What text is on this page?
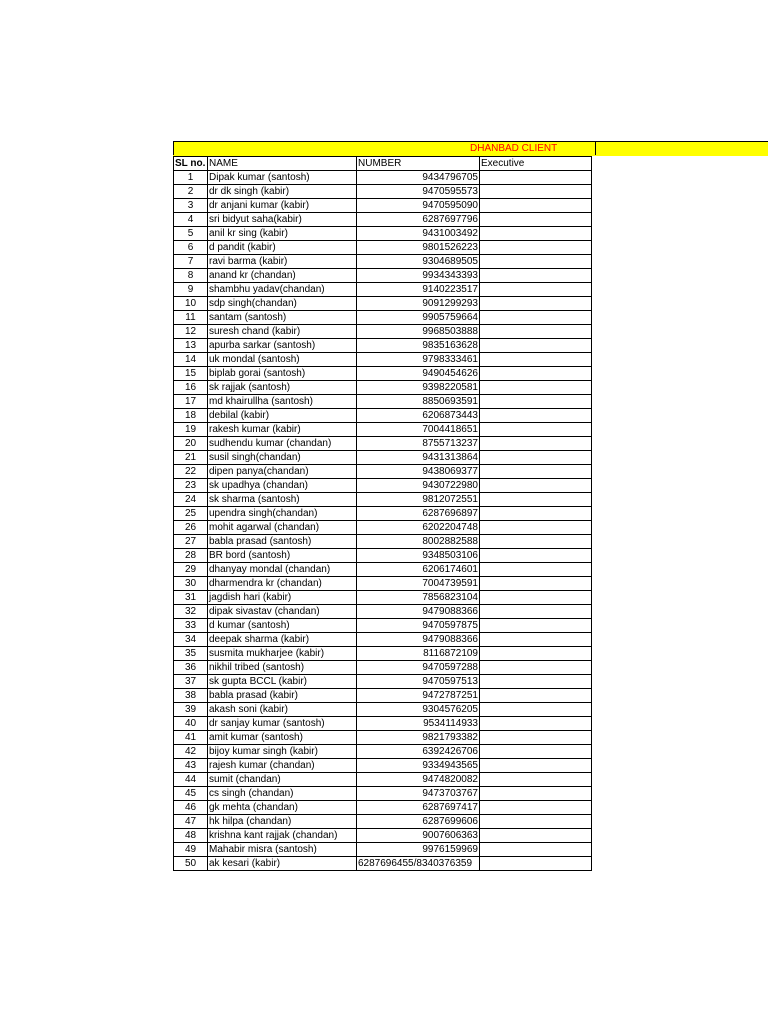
DHANBAD CLIENT
SL no.	NAME	NUMBER	Executive
1	Dipak kumar (santosh)	9434796705	
2	dr dk singh (kabir)	9470595573	
3	dr anjani kumar (kabir)	9470595090	
4	sri bidyut saha(kabir)	6287697796	
5	anil kr sing (kabir)	9431003492	
6	d pandit (kabir)	9801526223	
7	ravi barma (kabir)	9304689505	
8	anand kr (chandan)	9934343393	
9	shambhu yadav(chandan)	9140223517	
10	sdp singh(chandan)	9091299293	
11	santam (santosh)	9905759664	
12	suresh chand (kabir)	9968503888	
13	apurba sarkar (santosh)	9835163628	
14	uk mondal (santosh)	9798333461	
15	biplab gorai (santosh)	9490454626	
16	sk rajjak (santosh)	9398220581	
17	md khairullha (santosh)	8850693591	
18	debilal (kabir)	6206873443	
19	rakesh kumar (kabir)	7004418651	
20	sudhendu kumar (chandan)	8755713237	
21	susil singh(chandan)	9431313864	
22	dipen panya(chandan)	9438069377	
23	sk upadhya (chandan)	9430722980	
24	sk sharma (santosh)	9812072551	
25	upendra singh(chandan)	6287696897	
26	mohit agarwal (chandan)	6202204748	
27	babla prasad (santosh)	8002882588	
28	BR bord (santosh)	9348503106	
29	dhanyay mondal (chandan)	6206174601	
30	dharmendra kr (chandan)	7004739591	
31	jagdish hari (kabir)	7856823104	
32	dipak sivastav (chandan)	9479088366	
33	d kumar (santosh)	9470597875	
34	deepak sharma (kabir)	9479088366	
35	susmita mukharjee (kabir)	8116872109	
36	nikhil tribed (santosh)	9470597288	
37	sk gupta BCCL (kabir)	9470597513	
38	babla prasad (kabir)	9472787251	
39	akash soni (kabir)	9304576205	
40	dr sanjay kumar (santosh)	9534114933	
41	amit kumar (santosh)	9821793382	
42	bijoy kumar singh (kabir)	6392426706	
43	rajesh kumar (chandan)	9334943565	
44	sumit (chandan)	9474820082	
45	cs singh (chandan)	9473703767	
46	gk mehta (chandan)	6287697417	
47	hk hilpa (chandan)	6287699606	
48	krishna kant rajjak (chandan)	9007606363	
49	Mahabir misra (santosh)	9976159969	
50	ak kesari (kabir)	6287696455/8340376359	
